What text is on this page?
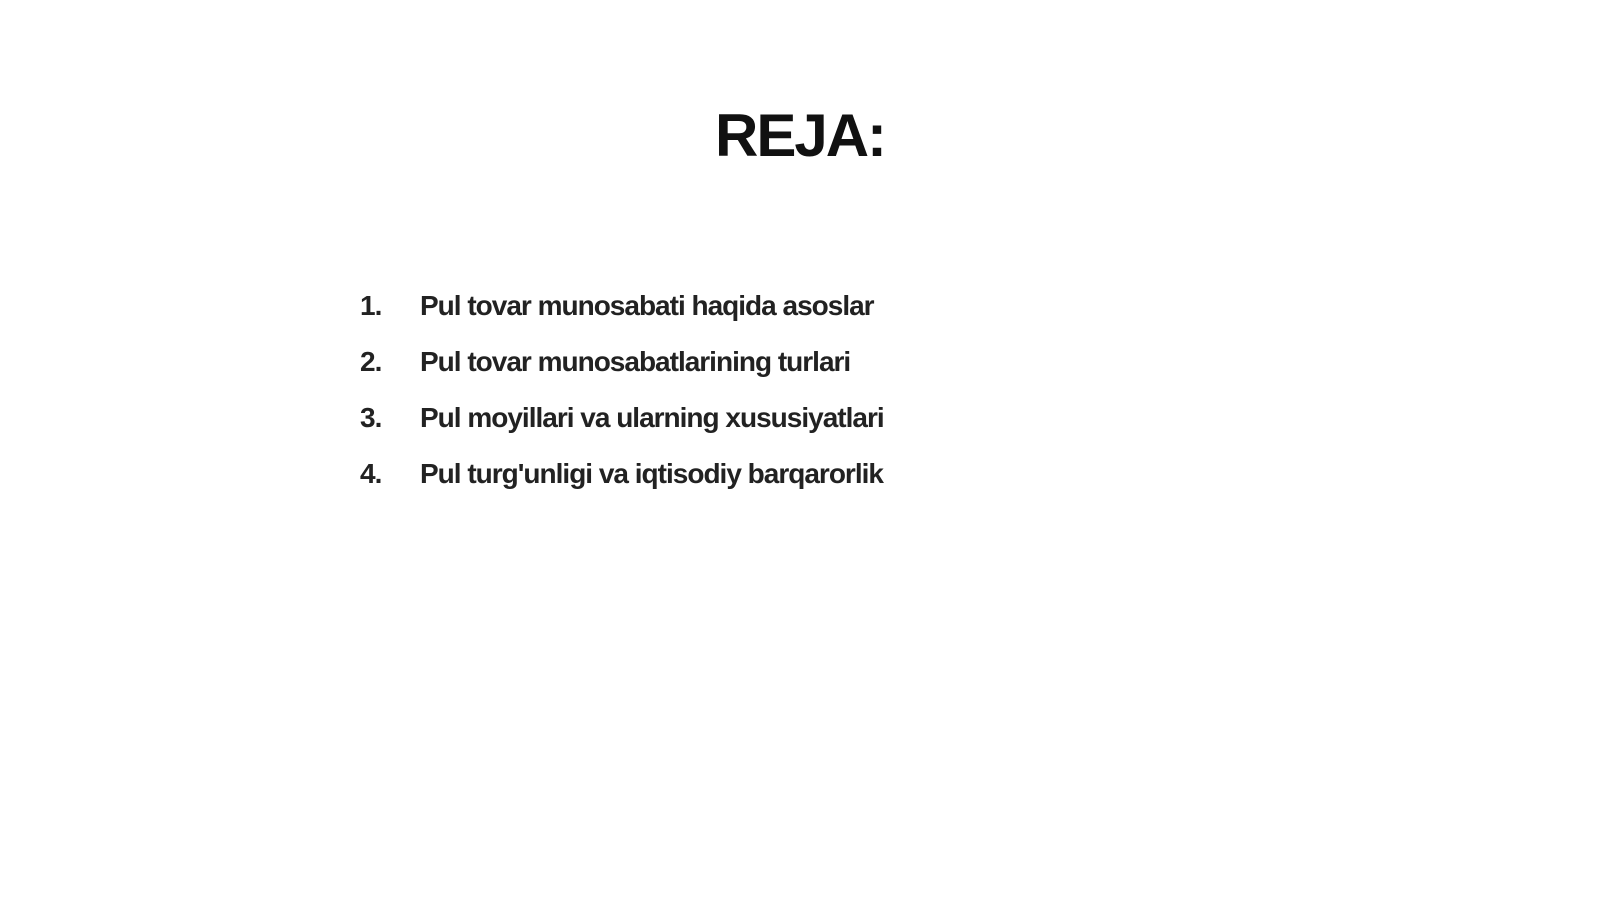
REJA:
1.	Pul tovar munosabati haqida asoslar
2.	Pul tovar munosabatlarining turlari
3.	Pul moyillari va ularning xususiyatlari
4.	Pul turg'unligi va iqtisodiy barqarorlik
